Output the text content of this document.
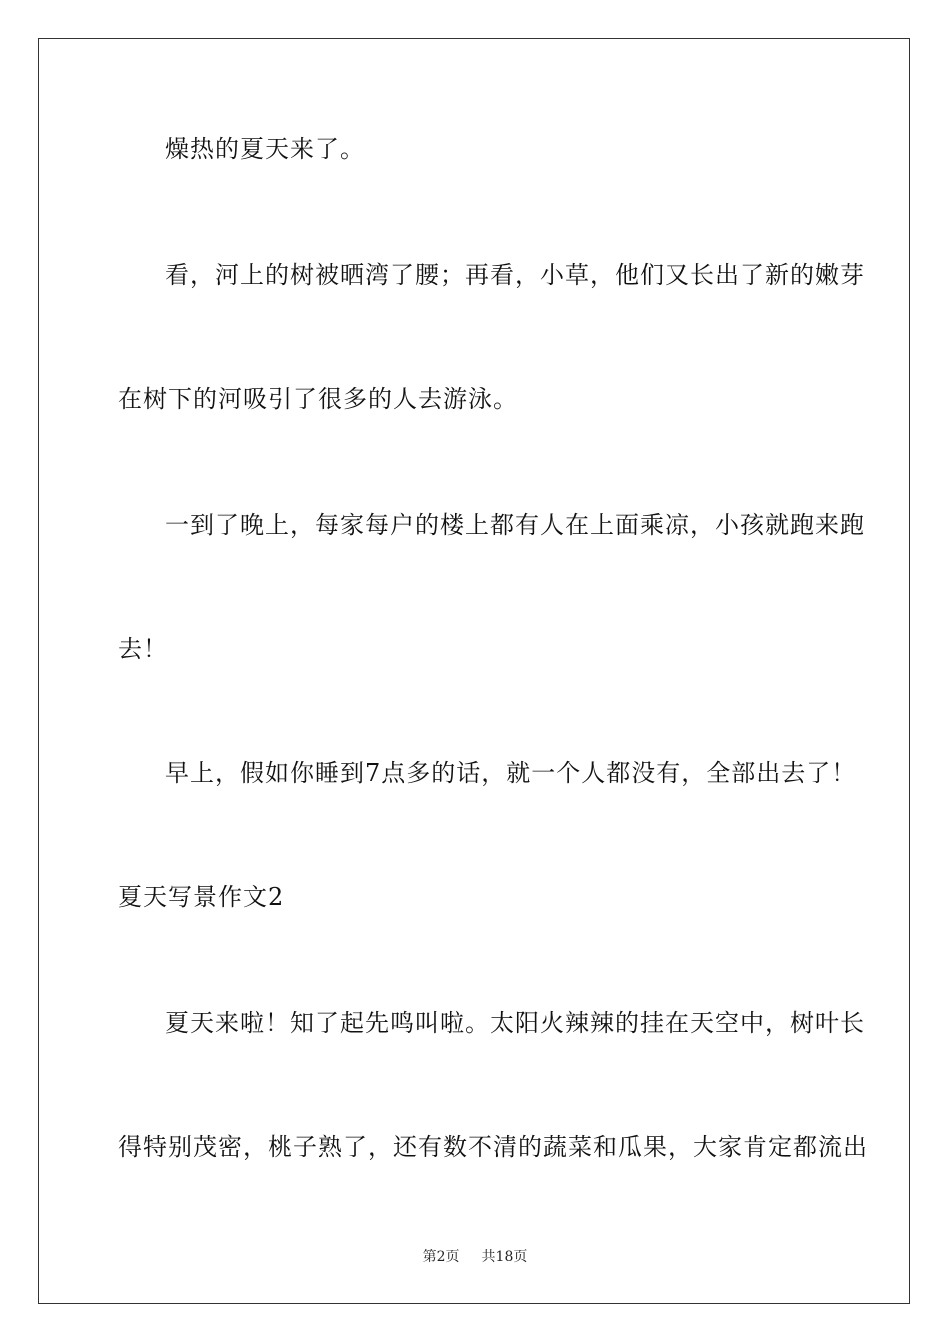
燥热的夏天来了。
看，河上的树被晒湾了腰；再看，小草，他们又长出了新的嫩芽
在树下的河吸引了很多的人去游泳。
一到了晚上，每家每户的楼上都有人在上面乘凉，小孩就跑来跑
去！
早上，假如你睡到7点多的话，就一个人都没有，全部出去了！
夏天写景作文2
夏天来啦！知了起先鸣叫啦。太阳火辣辣的挂在天空中，树叶长
得特别茂密，桃子熟了，还有数不清的蔬菜和瓜果，大家肯定都流出
第2页 共18页
